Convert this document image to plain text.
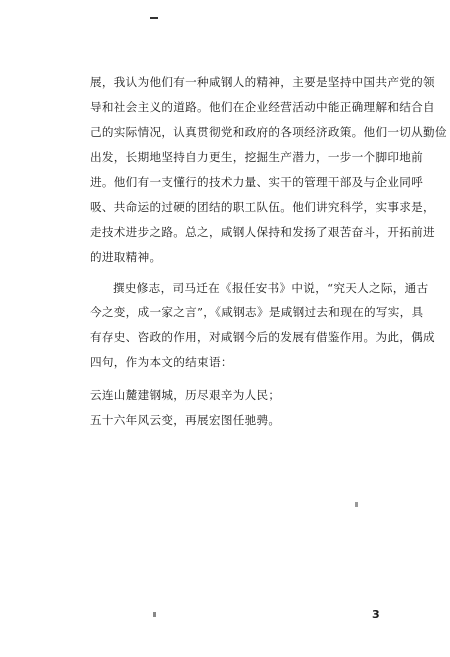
展，我认为他们有一种咸钢人的精神，主要是坚持中国共产党的领
导和社会主义的道路。他们在企业经营活动中能正确理解和结合自
己的实际情况，认真贯彻党和政府的各项经济政策。他们一切从勤俭
出发，长期地坚持自力更生，挖掘生产潜力，一步一个脚印地前
进。他们有一支懂行的技术力量、实干的管理干部及与企业同呼
吸、共命运的过硬的团结的职工队伍。他们讲究科学，实事求是，
走技术进步之路。总之，咸钢人保持和发扬了艰苦奋斗，开拓前进
的进取精神。
撰史修志，司马迁在《报任安书》中说，“究天人之际，通古
今之变，成一家之言”，《咸钢志》是咸钢过去和现在的写实，具
有存史、咨政的作用，对咸钢今后的发展有借鉴作用。为此，偶成
四句，作为本文的结束语：
云连山麓建钢城，历尽艰辛为人民；
五十六年风云变，再展宏图任驰骋。
3
